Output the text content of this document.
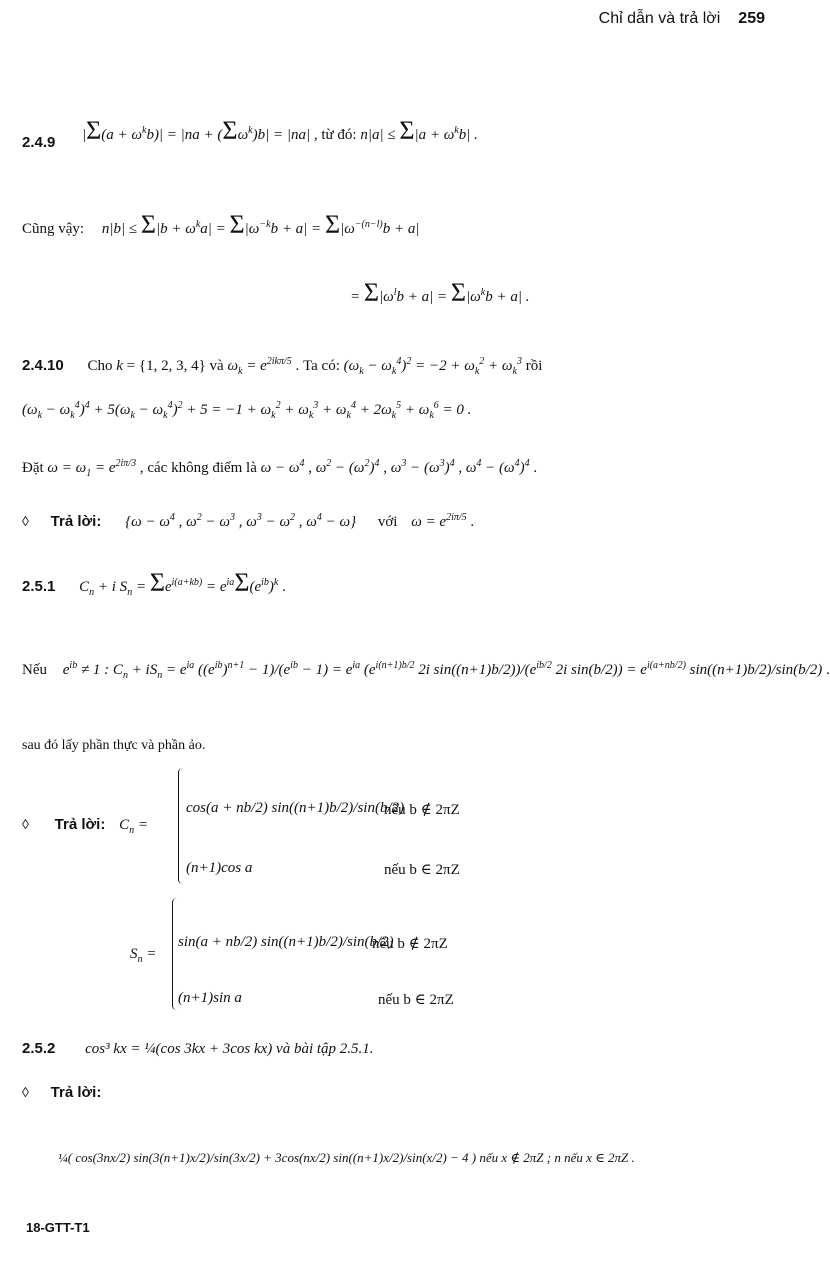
Chỉ dẫn và trả lời 259
2.4.9 $|\Sigma(a + \omega^kb)| = |na + (\Sigma\omega^k)b| = |na|$ , từ đó: $n|a| \le \Sigma|a + \omega^kb|$ .
Cũng vậy: $n|b| \le \Sigma|b + \omega^ka| = \Sigma|\omega^{-k}b + a| = \Sigma|\omega^{-(n-l)}b + a|$
= $\Sigma|\omega^lb + a| = \Sigma|\omega^kb + a|$ .
2.4.10 Cho k = {1, 2, 3, 4} và $\omega_k = e^{2ik\pi/5}$ . Ta có: $(\omega_k - \omega_k^4)^2 = -2 + \omega_k^2 + \omega_k^3$ rồi
$(\omega_k - \omega_k^4)^4 + 5(\omega_k - \omega_k^4)^2 + 5 = -1 + \omega_k^2 + \omega_k^3 + \omega_k^4 + 2\omega_k^5 + \omega_k^6 = 0$ .
Đặt $\omega = \omega_1 = e^{2i\pi/3}$ , các không điểm là $\omega - \omega^4$ , $\omega^2 - (\omega^2)^4$ , $\omega^3 - (\omega^3)^4$ , $\omega^4 - (\omega^4)^4$ .
◊ Trả lời: {$\omega - \omega^4$ , $\omega^2 - \omega^3$ , $\omega^3 - \omega^2$ , $\omega^4 - \omega$} với $\omega = e^{2i\pi/5}$ .
2.5.1 $C_n + i$ $S_n = \Sigma e^{i(a+kb)} = e^{ia}\Sigma(e^{ib})^k$ .
Nếu $e^{ib} \ne 1$ : $C_n + iS_n = e^{ia}$ $((e^{ib})^{n+1} - 1)/(e^{ib} - 1) = e^{ia}$ ($e^{i(n+1)b/2}$ 2i $\sin((n+1)b/2))/(e^{ib/2}$ 2i $\sin(b/2)) = e^{i(a+nb/2)}$ sin((n+1)b/2)/sin(b/2) .
sau đó lấy phần thực và phần ảo.
◊ Trả lời: $C_n$ =
cos(a + nb/2) sin((n+1)b/2)/sin(b/2)
nếu b ∉ 2πZ
(n+1)cos a	nếu b ∈ 2πZ
$S_n$ =
sin(a + nb/2) sin((n+1)b/2)/sin(b/2)
nếu b ∉ 2πZ
(n+1)sin a	nếu b ∈ 2πZ
2.5.2 cos³ kx = ¼(cos 3kx + 3cos kx) và bài tập 2.5.1.
◊ Trả lời:
¼( cos(3nx/2) sin(3(n+1)x/2)/sin(3x/2) + 3cos(nx/2) sin((n+1)x/2)/sin(x/2) − 4 ) nếu x ∉ 2πZ ; n nếu x ∈ 2πZ .
18-GTT-T1
